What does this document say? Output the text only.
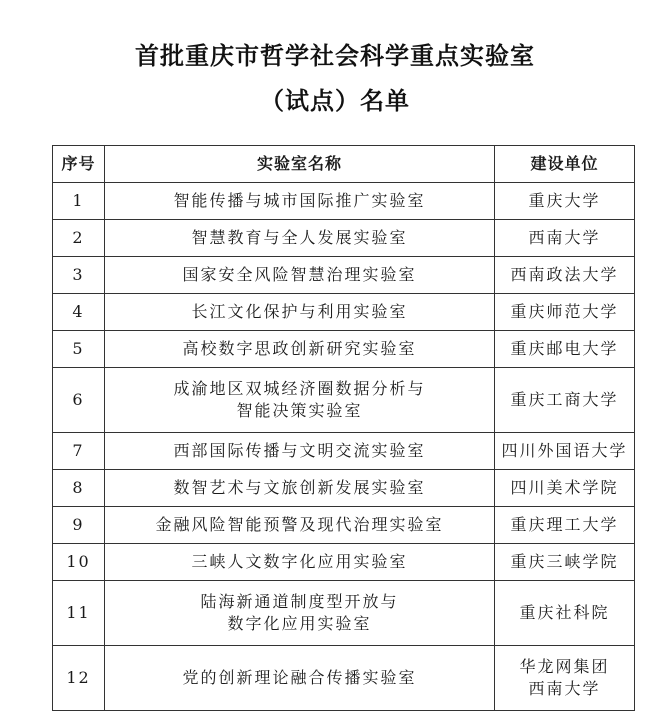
首批重庆市哲学社会科学重点实验室
（试点）名单
序号	实验室名称	建设单位
1	智能传播与城市国际推广实验室	重庆大学

2	智慧教育与全人发展实验室	西南大学

3	国家安全风险智慧治理实验室	西南政法大学

4	长江文化保护与利用实验室	重庆师范大学

5	高校数字思政创新研究实验室	重庆邮电大学

6	成渝地区双城经济圈数据分析与
智能决策实验室	重庆工商大学

7	西部国际传播与文明交流实验室	四川外国语大学

8	数智艺术与文旅创新发展实验室	四川美术学院

9	金融风险智能预警及现代治理实验室	重庆理工大学

10	三峡人文数字化应用实验室	重庆三峡学院

11	陆海新通道制度型开放与
数字化应用实验室	重庆社科院

12	党的创新理论融合传播实验室	华龙网集团
西南大学
